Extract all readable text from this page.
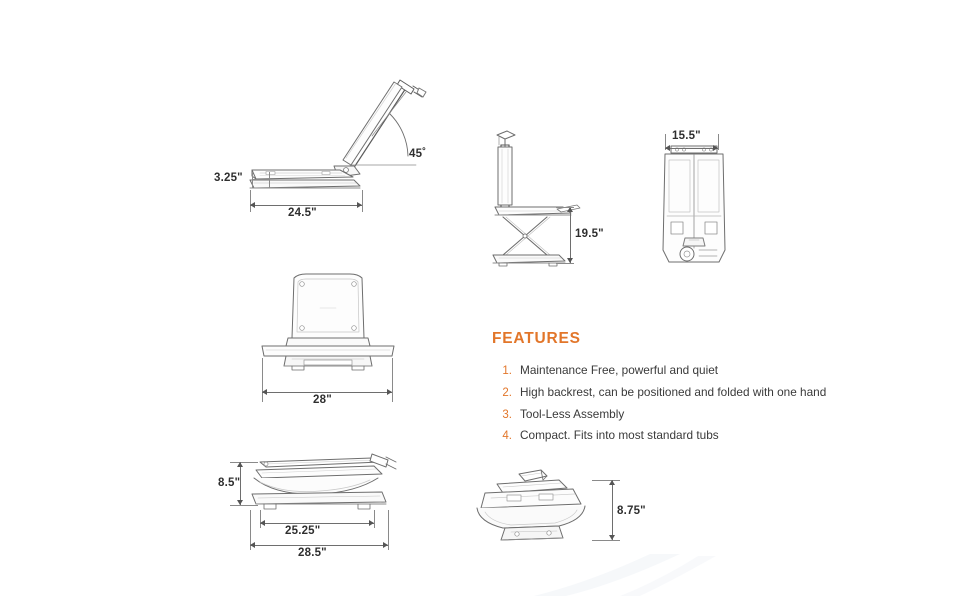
3.25"
24.5"
45˚
19.5"
15.5"
28"
8.5"
25.25"
28.5"
8.75"
FEATURES
1. Maintenance Free, powerful and quiet
2. High backrest, can be positioned and folded with one hand
3. Tool-Less Assembly
4. Compact. Fits into most standard tubs
